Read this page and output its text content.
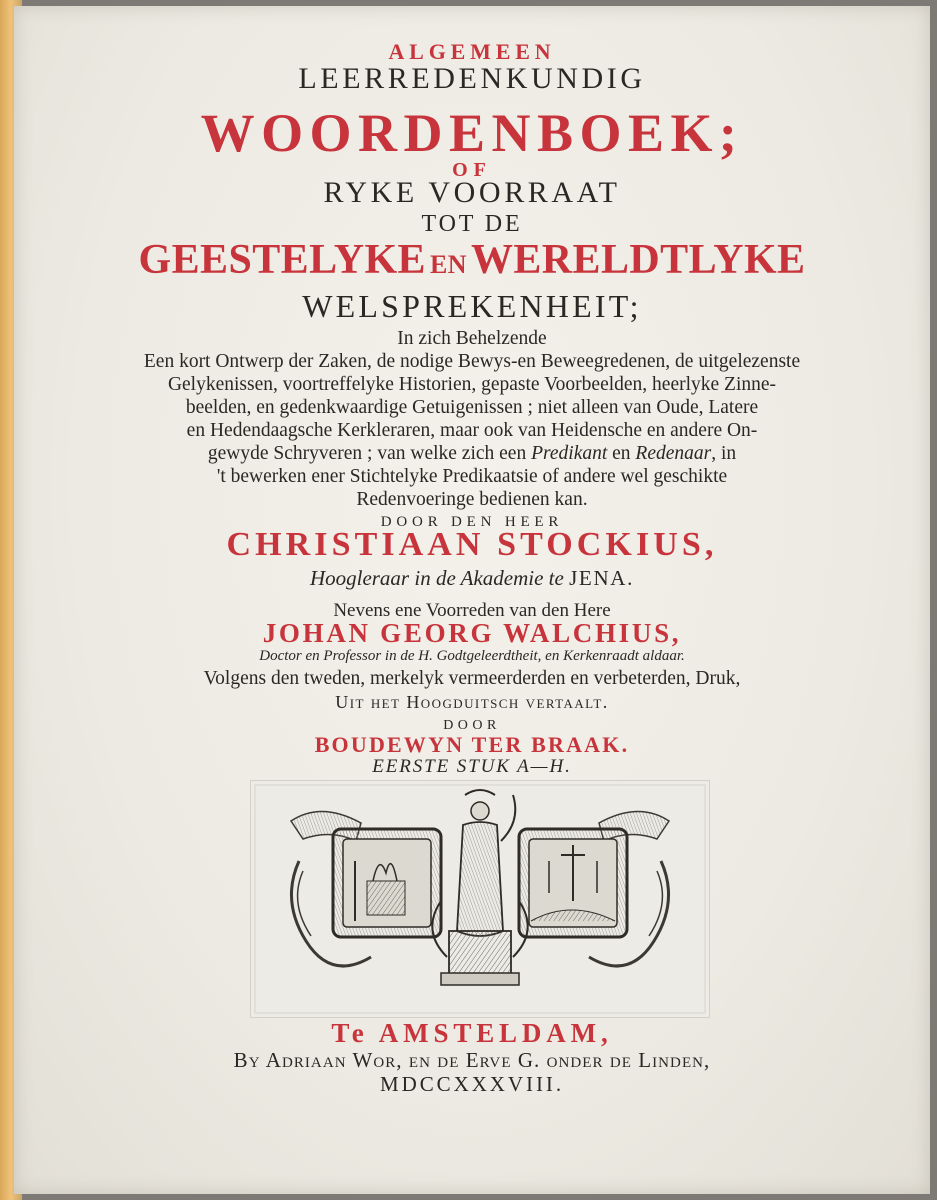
ALGEMEEN
LEERREDENKUNDIG
WOORDENBOEK;
OF
RYKE VOORRAAT
TOT DE
GEESTELYKE ENWERELDTLYKE
WELSPREKENHEIT;
In zich Behelzende
Een kort Ontwerp der Zaken, de nodige Bewys-en Beweegredenen, de uitgelezenste
Gelykenissen, voortreffelyke Historien, gepaste Voorbeelden, heerlyke Zinne-
beelden, en gedenkwaardige Getuigenissen ; niet alleen van Oude, Latere
en Hedendaagsche Kerkleraren, maar ook van Heidensche en andere On-
gewyde Schryveren ; van welke zich een Predikant en Redenaar, in
't bewerken ener Stichtelyke Predikaatsie of andere wel geschikte
Redenvoeringe bedienen kan.
DOOR DEN HEER
CHRISTIAAN STOCKIUS,
Hoogleraar in de Akademie te JENA.
Nevens ene Voorreden van den Here
JOHAN GEORG WALCHIUS,
Doctor en Professor in de H. Godtgeleerdtheit, en Kerkenraadt aldaar.
Volgens den tweden, merkelyk vermeerderden en verbeterden, Druk,
Uit het Hoogduitsch vertaalt.
DOOR
BOUDEWYN TER BRAAK.
EERSTE STUK A—H.
Te AMSTELDAM,
By Adriaan Wor, en de Erve G. onder de Linden,
MDCCXXXVIII.
